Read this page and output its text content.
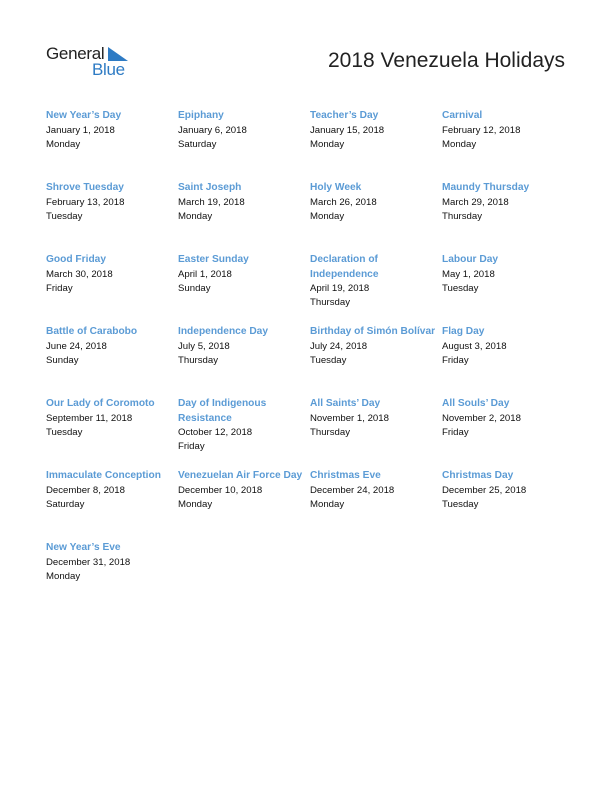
General
Blue	2018 Venezuela Holidays
New Year’s Day
January 1, 2018
Monday
Epiphany
January 6, 2018
Saturday
Teacher’s Day
January 15, 2018
Monday
Carnival
February 12, 2018
Monday
Shrove Tuesday
February 13, 2018
Tuesday
Saint Joseph
March 19, 2018
Monday
Holy Week
March 26, 2018
Monday
Maundy Thursday
March 29, 2018
Thursday
Good Friday
March 30, 2018
Friday
Easter Sunday
April 1, 2018
Sunday
Declaration of Independence
April 19, 2018
Thursday
Labour Day
May 1, 2018
Tuesday
Battle of Carabobo
June 24, 2018
Sunday
Independence Day
July 5, 2018
Thursday
Birthday of Simón Bolívar
July 24, 2018
Tuesday
Flag Day
August 3, 2018
Friday
Our Lady of Coromoto
September 11, 2018
Tuesday
Day of Indigenous Resistance
October 12, 2018
Friday
All Saints’ Day
November 1, 2018
Thursday
All Souls’ Day
November 2, 2018
Friday
Immaculate Conception
December 8, 2018
Saturday
Venezuelan Air Force Day
December 10, 2018
Monday
Christmas Eve
December 24, 2018
Monday
Christmas Day
December 25, 2018
Tuesday
New Year’s Eve
December 31, 2018
Monday
